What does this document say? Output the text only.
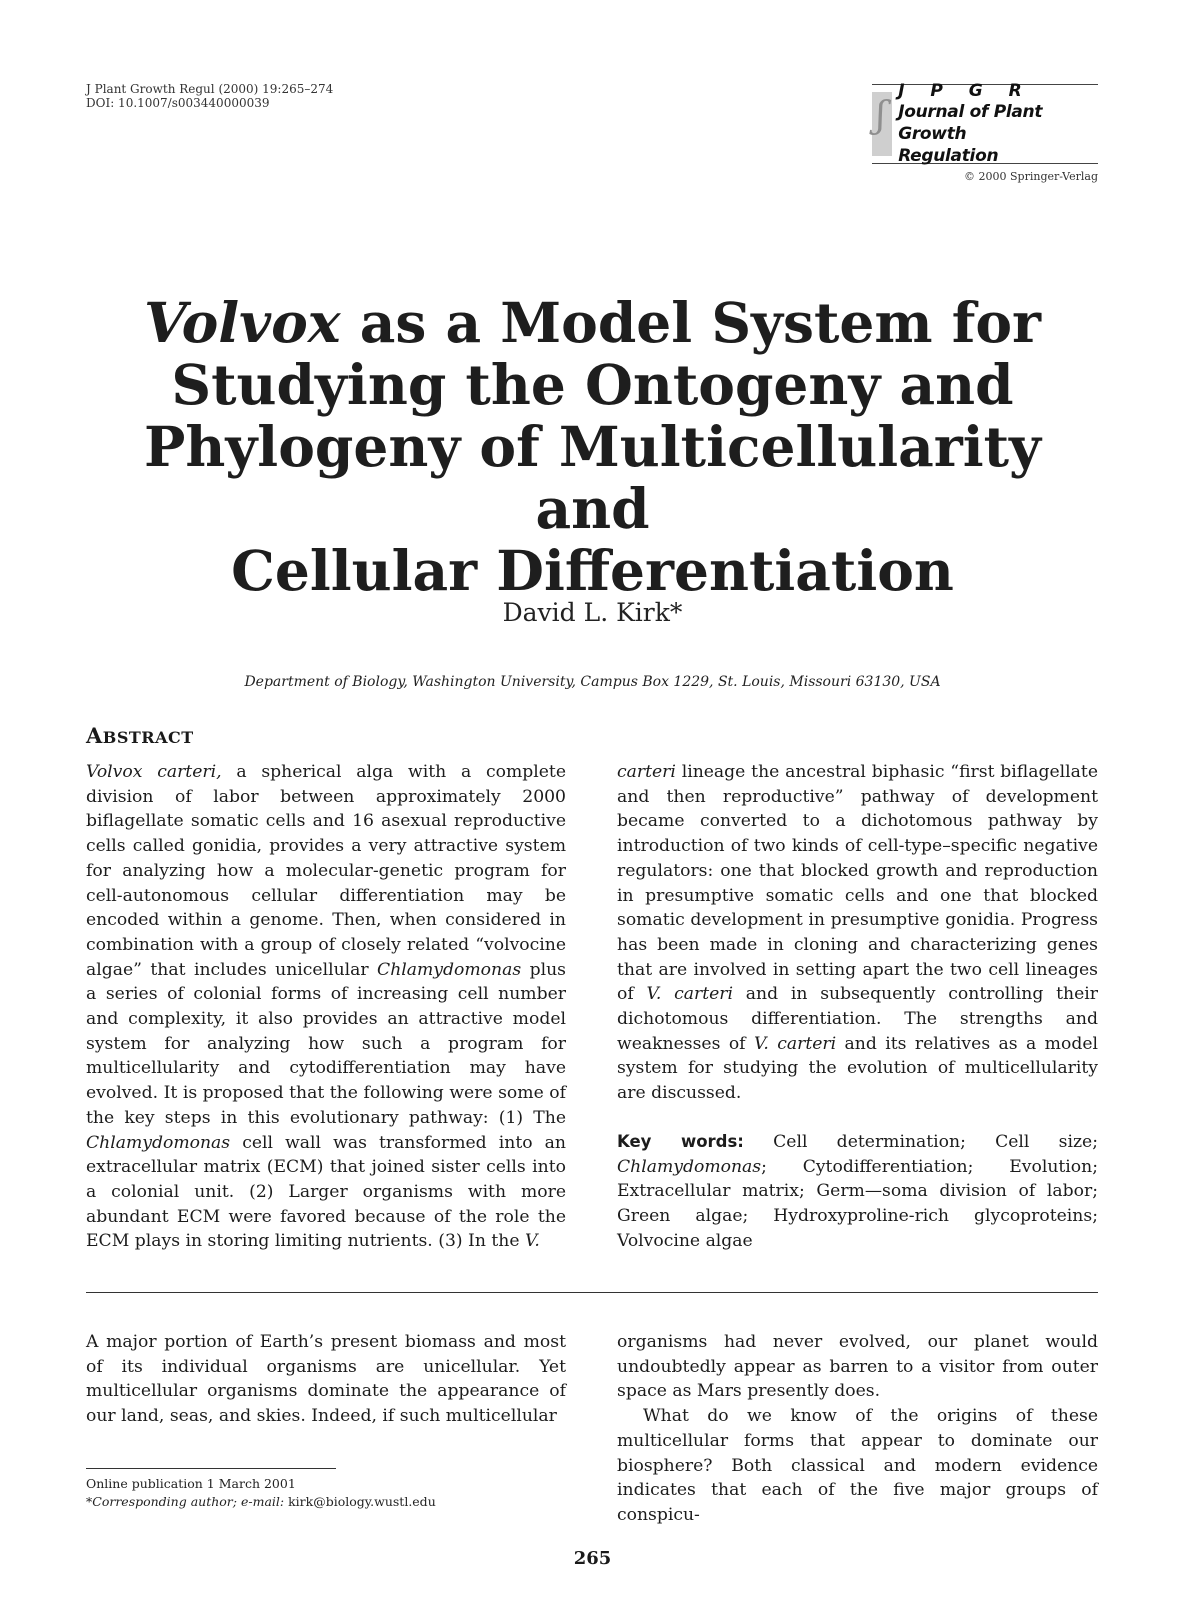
J Plant Growth Regul (2000) 19:265–274
DOI: 10.1007/s003440000039	ʃ
J P G R
Journal of Plant Growth
Regulation
© 2000 Springer-Verlag
Volvox as a Model System for
Studying the Ontogeny and
Phylogeny of Multicellularity and
Cellular Differentiation
David L. Kirk*
Department of Biology, Washington University, Campus Box 1229, St. Louis, Missouri 63130, USA
ABSTRACT

Volvox carteri, a spherical alga with a complete division of labor between approximately 2000 biflagellate somatic cells and 16 asexual reproductive cells called gonidia, provides a very attractive system for analyzing how a molecular-genetic program for cell-autonomous cellular differentiation may be encoded within a genome. Then, when considered in combination with a group of closely related “volvocine algae” that includes unicellular Chlamydomonas plus a series of colonial forms of increasing cell number and complexity, it also provides an attractive model system for analyzing how such a program for multicellularity and cytodifferentiation may have evolved. It is proposed that the following were some of the key steps in this evolutionary pathway: (1) The Chlamydomonas cell wall was transformed into an extracellular matrix (ECM) that joined sister cells into a colonial unit. (2) Larger organisms with more abundant ECM were favored because of the role the ECM plays in storing limiting nutrients. (3) In the V.

carteri lineage the ancestral biphasic “first biflagellate and then reproductive” pathway of development became converted to a dichotomous pathway by introduction of two kinds of cell-type–specific negative regulators: one that blocked growth and reproduction in presumptive somatic cells and one that blocked somatic development in presumptive gonidia. Progress has been made in cloning and characterizing genes that are involved in setting apart the two cell lineages of V. carteri and in subsequently controlling their dichotomous differentiation. The strengths and weaknesses of V. carteri and its relatives as a model system for studying the evolution of multicellularity are discussed.

Key words: Cell determination; Cell size; Chlamydomonas; Cytodifferentiation; Evolution; Extracellular matrix; Germ—soma division of labor; Green algae; Hydroxyproline-rich glycoproteins; Volvocine algae

A major portion of Earth’s present biomass and most of its individual organisms are unicellular. Yet multicellular organisms dominate the appearance of our land, seas, and skies. Indeed, if such multicellular

organisms had never evolved, our planet would undoubtedly appear as barren to a visitor from outer space as Mars presently does.

What do we know of the origins of these multicellular forms that appear to dominate our biosphere? Both classical and modern evidence indicates that each of the five major groups of conspicu-

Online publication 1 March 2001
*Corresponding author; e-mail: kirk@biology.wustl.edu
265
